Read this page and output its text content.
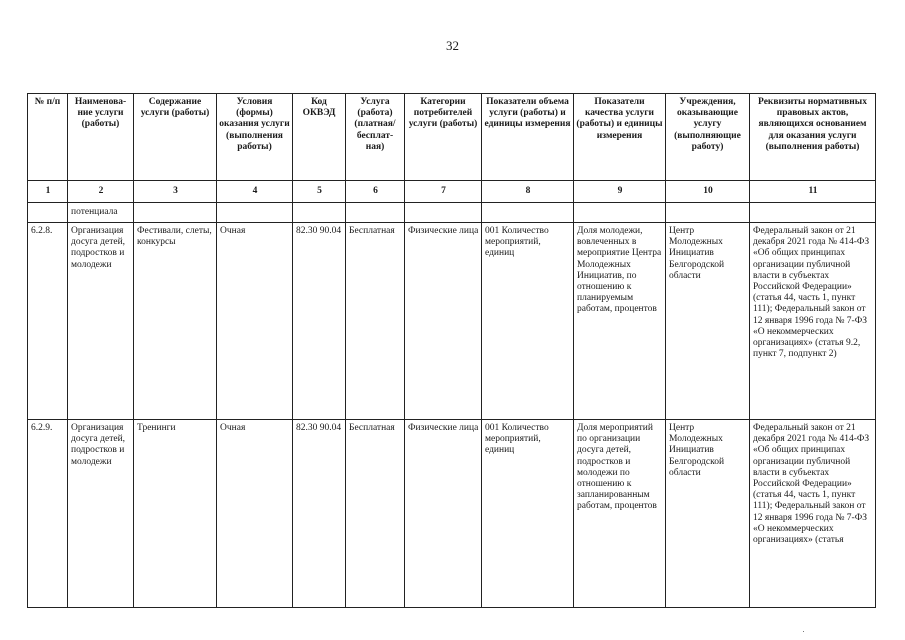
32
№ п/п	Наименова-ние услуги (работы)	Содержание услуги (работы)	Условия (формы) оказания услуги (выполнения работы)	Код ОКВЭД	Услуга (работа) (платная/ бесплат-ная)	Категории потребителей услуги (работы)	Показатели объема услуги (работы) и единицы измерения	Показатели качества услуги (работы) и единицы измерения	Учреждения, оказывающие услугу (выполняющие работу)	Реквизиты нормативных правовых актов, являющихся основанием для оказания услуги (выполнения работы)
1	2	3	4	5	6	7	8	9	10	11
	потенциала									
6.2.8.	Организация досуга детей, подростков и молодежи	Фестивали, слеты, конкурсы	Очная	82.30 90.04	Бесплатная	Физические лица	001 Количество мероприятий, единиц	Доля молодежи, вовлеченных в мероприятие Центра Молодежных Инициатив, по отношению к планируемым работам, процентов	Центр Молодежных Инициатив Белгородской области	Федеральный закон от 21 декабря 2021 года № 414-ФЗ «Об общих принципах организации публичной власти в субъектах Российской Федерации» (статья 44, часть 1, пункт 111); Федеральный закон от 12 января 1996 года № 7-ФЗ «О некоммерческих организациях» (статья 9.2, пункт 7, подпункт 2)
6.2.9.	Организация досуга детей, подростков и молодежи	Тренинги	Очная	82.30 90.04	Бесплатная	Физические лица	001 Количество мероприятий, единиц	Доля мероприятий по организации досуга детей, подростков и молодежи по отношению к запланированным работам, процентов	Центр Молодежных Инициатив Белгородской области	Федеральный закон от 21 декабря 2021 года № 414-ФЗ «Об общих принципах организации публичной власти в субъектах Российской Федерации» (статья 44, часть 1, пункт 111); Федеральный закон от 12 января 1996 года № 7-ФЗ «О некоммерческих организациях» (статья
